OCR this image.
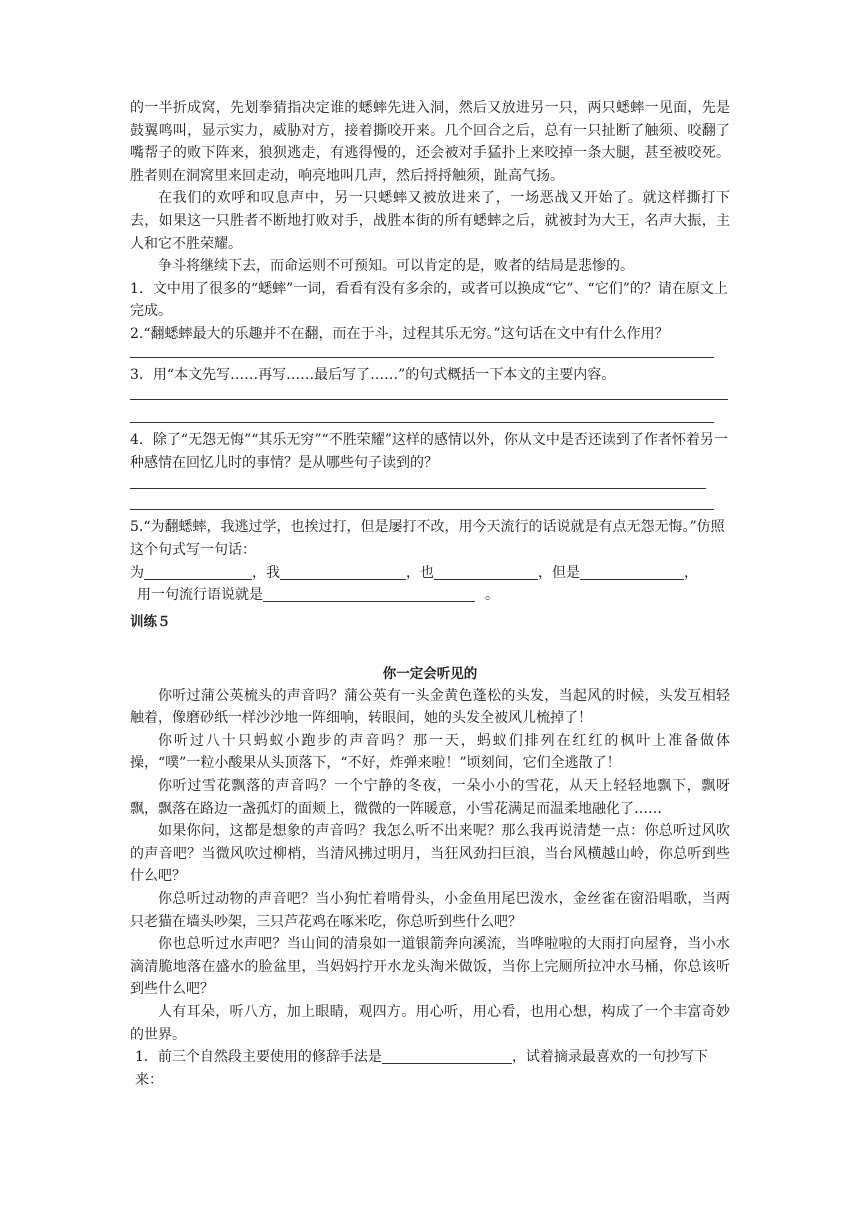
的一半折成窝，先划拳猜指决定谁的蟋蟀先进入洞，然后又放进另一只，两只蟋蟀一见面，先是鼓翼鸣叫，显示实力，威胁对方，接着撕咬开来。几个回合之后，总有一只扯断了触须、咬翻了嘴帮子的败下阵来，狼狈逃走，有逃得慢的，还会被对手猛扑上来咬掉一条大腿，甚至被咬死。胜者则在洞窝里来回走动，响亮地叫几声，然后捋捋触须，趾高气扬。

在我们的欢呼和叹息声中，另一只蟋蟀又被放进来了，一场恶战又开始了。就这样撕打下去，如果这一只胜者不断地打败对手，战胜本街的所有蟋蟀之后，就被封为大王，名声大振，主人和它不胜荣耀。

争斗将继续下去，而命运则不可预知。可以肯定的是，败者的结局是悲惨的。

1．文中用了很多的“蟋蟀”一词，看看有没有多余的，或者可以换成“它”、“它们”的？请在原文上完成。

2.“翻蟋蟀最大的乐趣并不在翻，而在于斗，过程其乐无穷。”这句话在文中有什么作用？

3．用“本文先写……再写……最后写了……”的句式概括一下本文的主要内容。

4．除了“无怨无悔”“其乐无穷”“不胜荣耀”这样的感情以外，你从文中是否还读到了作者怀着另一种感情在回忆儿时的事情？是从哪些句子读到的？

5.“为翻蟋蟀，我逃过学，也挨过打，但是屡打不改，用今天流行的话说就是有点无怨无悔。”仿照这个句式写一句话：

为	，我	，也	，但是	，

用一句流行语说就是	。

训练５
你一定会听见的

你听过蒲公英梳头的声音吗？蒲公英有一头金黄色蓬松的头发，当起风的时候，头发互相轻触着，像磨砂纸一样沙沙地一阵细响，转眼间，她的头发全被风儿梳掉了！

你听过八十只蚂蚁小跑步的声音吗？那一天，蚂蚁们排列在红红的枫叶上准备做体操，“噗”一粒小酸果从头顶落下，“不好，炸弹来啦！”顷刻间，它们全逃散了！

你听过雪花飘落的声音吗？一个宁静的冬夜，一朵小小的雪花，从天上轻轻地飘下，飘呀飘，飘落在路边一盏孤灯的面颊上，微微的一阵暖意，小雪花满足而温柔地融化了……

如果你问，这都是想象的声音吗？我怎么听不出来呢？那么我再说清楚一点：你总听过风吹的声音吧？当微风吹过柳梢，当清风拂过明月，当狂风劲扫巨浪，当台风横越山岭，你总听到些什么吧？

你总听过动物的声音吧？当小狗忙着啃骨头，小金鱼用尾巴泼水，金丝雀在窗沿唱歌，当两只老猫在墙头吵架，三只芦花鸡在啄米吃，你总听到些什么吧？

你也总听过水声吧？当山间的清泉如一道银箭奔向溪流，当哗啦啦的大雨打向屋脊，当小水滴清脆地落在盛水的脸盆里，当妈妈拧开水龙头淘米做饭，当你上完厕所拉冲水马桶，你总该听到些什么吧？

人有耳朵，听八方，加上眼睛，观四方。用心听，用心看，也用心想，构成了一个丰富奇妙的世界。

1．前三个自然段主要使用的修辞手法是	，试着摘录最喜欢的一句抄写下来：
